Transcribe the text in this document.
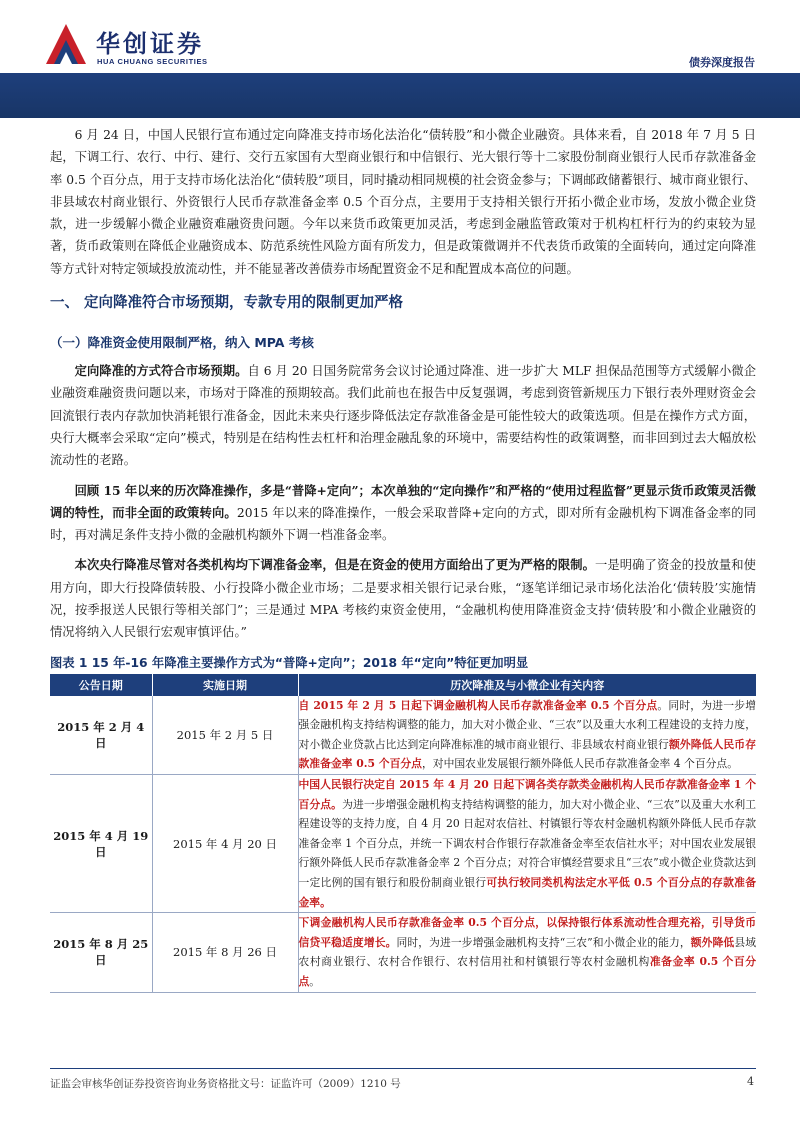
华创证券
HUA CHUANG SECURITIES	债券深度报告

6 月 24 日，中国人民银行宣布通过定向降准支持市场化法治化“债转股”和小微企业融资。具体来看，自 2018 年 7 月 5 日起，下调工行、农行、中行、建行、交行五家国有大型商业银行和中信银行、光大银行等十二家股份制商业银行人民币存款准备金率 0.5 个百分点，用于支持市场化法治化“债转股”项目，同时撬动相同规模的社会资金参与；下调邮政储蓄银行、城市商业银行、非县域农村商业银行、外资银行人民币存款准备金率 0.5 个百分点，主要用于支持相关银行开拓小微企业市场，发放小微企业贷款，进一步缓解小微企业融资难融资贵问题。今年以来货币政策更加灵活，考虑到金融监管政策对于机构杠杆行为的约束较为显著，货币政策则在降低企业融资成本、防范系统性风险方面有所发力，但是政策微调并不代表货币政策的全面转向，通过定向降准等方式针对特定领域投放流动性，并不能显著改善债券市场配置资金不足和配置成本高位的问题。

一、 定向降准符合市场预期，专款专用的限制更加严格
（一）降准资金使用限制严格，纳入 MPA 考核

定向降准的方式符合市场预期。自 6 月 20 日国务院常务会议讨论通过降准、进一步扩大 MLF 担保品范围等方式缓解小微企业融资难融资贵问题以来，市场对于降准的预期较高。我们此前也在报告中反复强调，考虑到资管新规压力下银行表外理财资金会回流银行表内存款加快消耗银行准备金，因此未来央行逐步降低法定存款准备金是可能性较大的政策选项。但是在操作方式方面，央行大概率会采取“定向”模式，特别是在结构性去杠杆和治理金融乱象的环境中，需要结构性的政策调整，而非回到过去大幅放松流动性的老路。

回顾 15 年以来的历次降准操作，多是“普降+定向”；本次单独的“定向操作”和严格的“使用过程监督”更显示货币政策灵活微调的特性，而非全面的政策转向。2015 年以来的降准操作，一般会采取普降+定向的方式，即对所有金融机构下调准备金率的同时，再对满足条件支持小微的金融机构额外下调一档准备金率。

本次央行降准尽管对各类机构均下调准备金率，但是在资金的使用方面给出了更为严格的限制。一是明确了资金的投放量和使用方向，即大行投降债转股、小行投降小微企业市场；二是要求相关银行记录台账，“逐笔详细记录市场化法治化‘债转股’实施情况，按季报送人民银行等相关部门”；三是通过 MPA 考核约束资金使用，“金融机构使用降准资金支持‘债转股’和小微企业融资的情况将纳入人民银行宏观审慎评估。”

图表 1 15 年-16 年降准主要操作方式为“普降+定向”；2018 年“定向”特征更加明显

公告日期	实施日期	历次降准及与小微企业有关内容
2015 年 2 月 4 日	2015 年 2 月 5 日	自 2015 年 2 月 5 日起下调金融机构人民币存款准备金率 0.5 个百分点。同时，为进一步增强金融机构支持结构调整的能力，加大对小微企业、“三农”以及重大水利工程建设的支持力度，对小微企业贷款占比达到定向降准标准的城市商业银行、非县域农村商业银行额外降低人民币存款准备金率 0.5 个百分点，对中国农业发展银行额外降低人民币存款准备金率 4 个百分点。
2015 年 4 月 19 日	2015 年 4 月 20 日	中国人民银行决定自 2015 年 4 月 20 日起下调各类存款类金融机构人民币存款准备金率 1 个百分点。为进一步增强金融机构支持结构调整的能力，加大对小微企业、“三农”以及重大水利工程建设等的支持力度，自 4 月 20 日起对农信社、村镇银行等农村金融机构额外降低人民币存款准备金率 1 个百分点，并统一下调农村合作银行存款准备金率至农信社水平；对中国农业发展银行额外降低人民币存款准备金率 2 个百分点；对符合审慎经营要求且“三农”或小微企业贷款达到一定比例的国有银行和股份制商业银行可执行较同类机构法定水平低 0.5 个百分点的存款准备金率。
2015 年 8 月 25 日	2015 年 8 月 26 日	下调金融机构人民币存款准备金率 0.5 个百分点，以保持银行体系流动性合理充裕，引导货币信贷平稳适度增长。同时，为进一步增强金融机构支持“三农”和小微企业的能力，额外降低县域农村商业银行、农村合作银行、农村信用社和村镇银行等农村金融机构准备金率 0.5 个百分点。
证监会审核华创证券投资咨询业务资格批文号：证监许可（2009）1210 号	4
